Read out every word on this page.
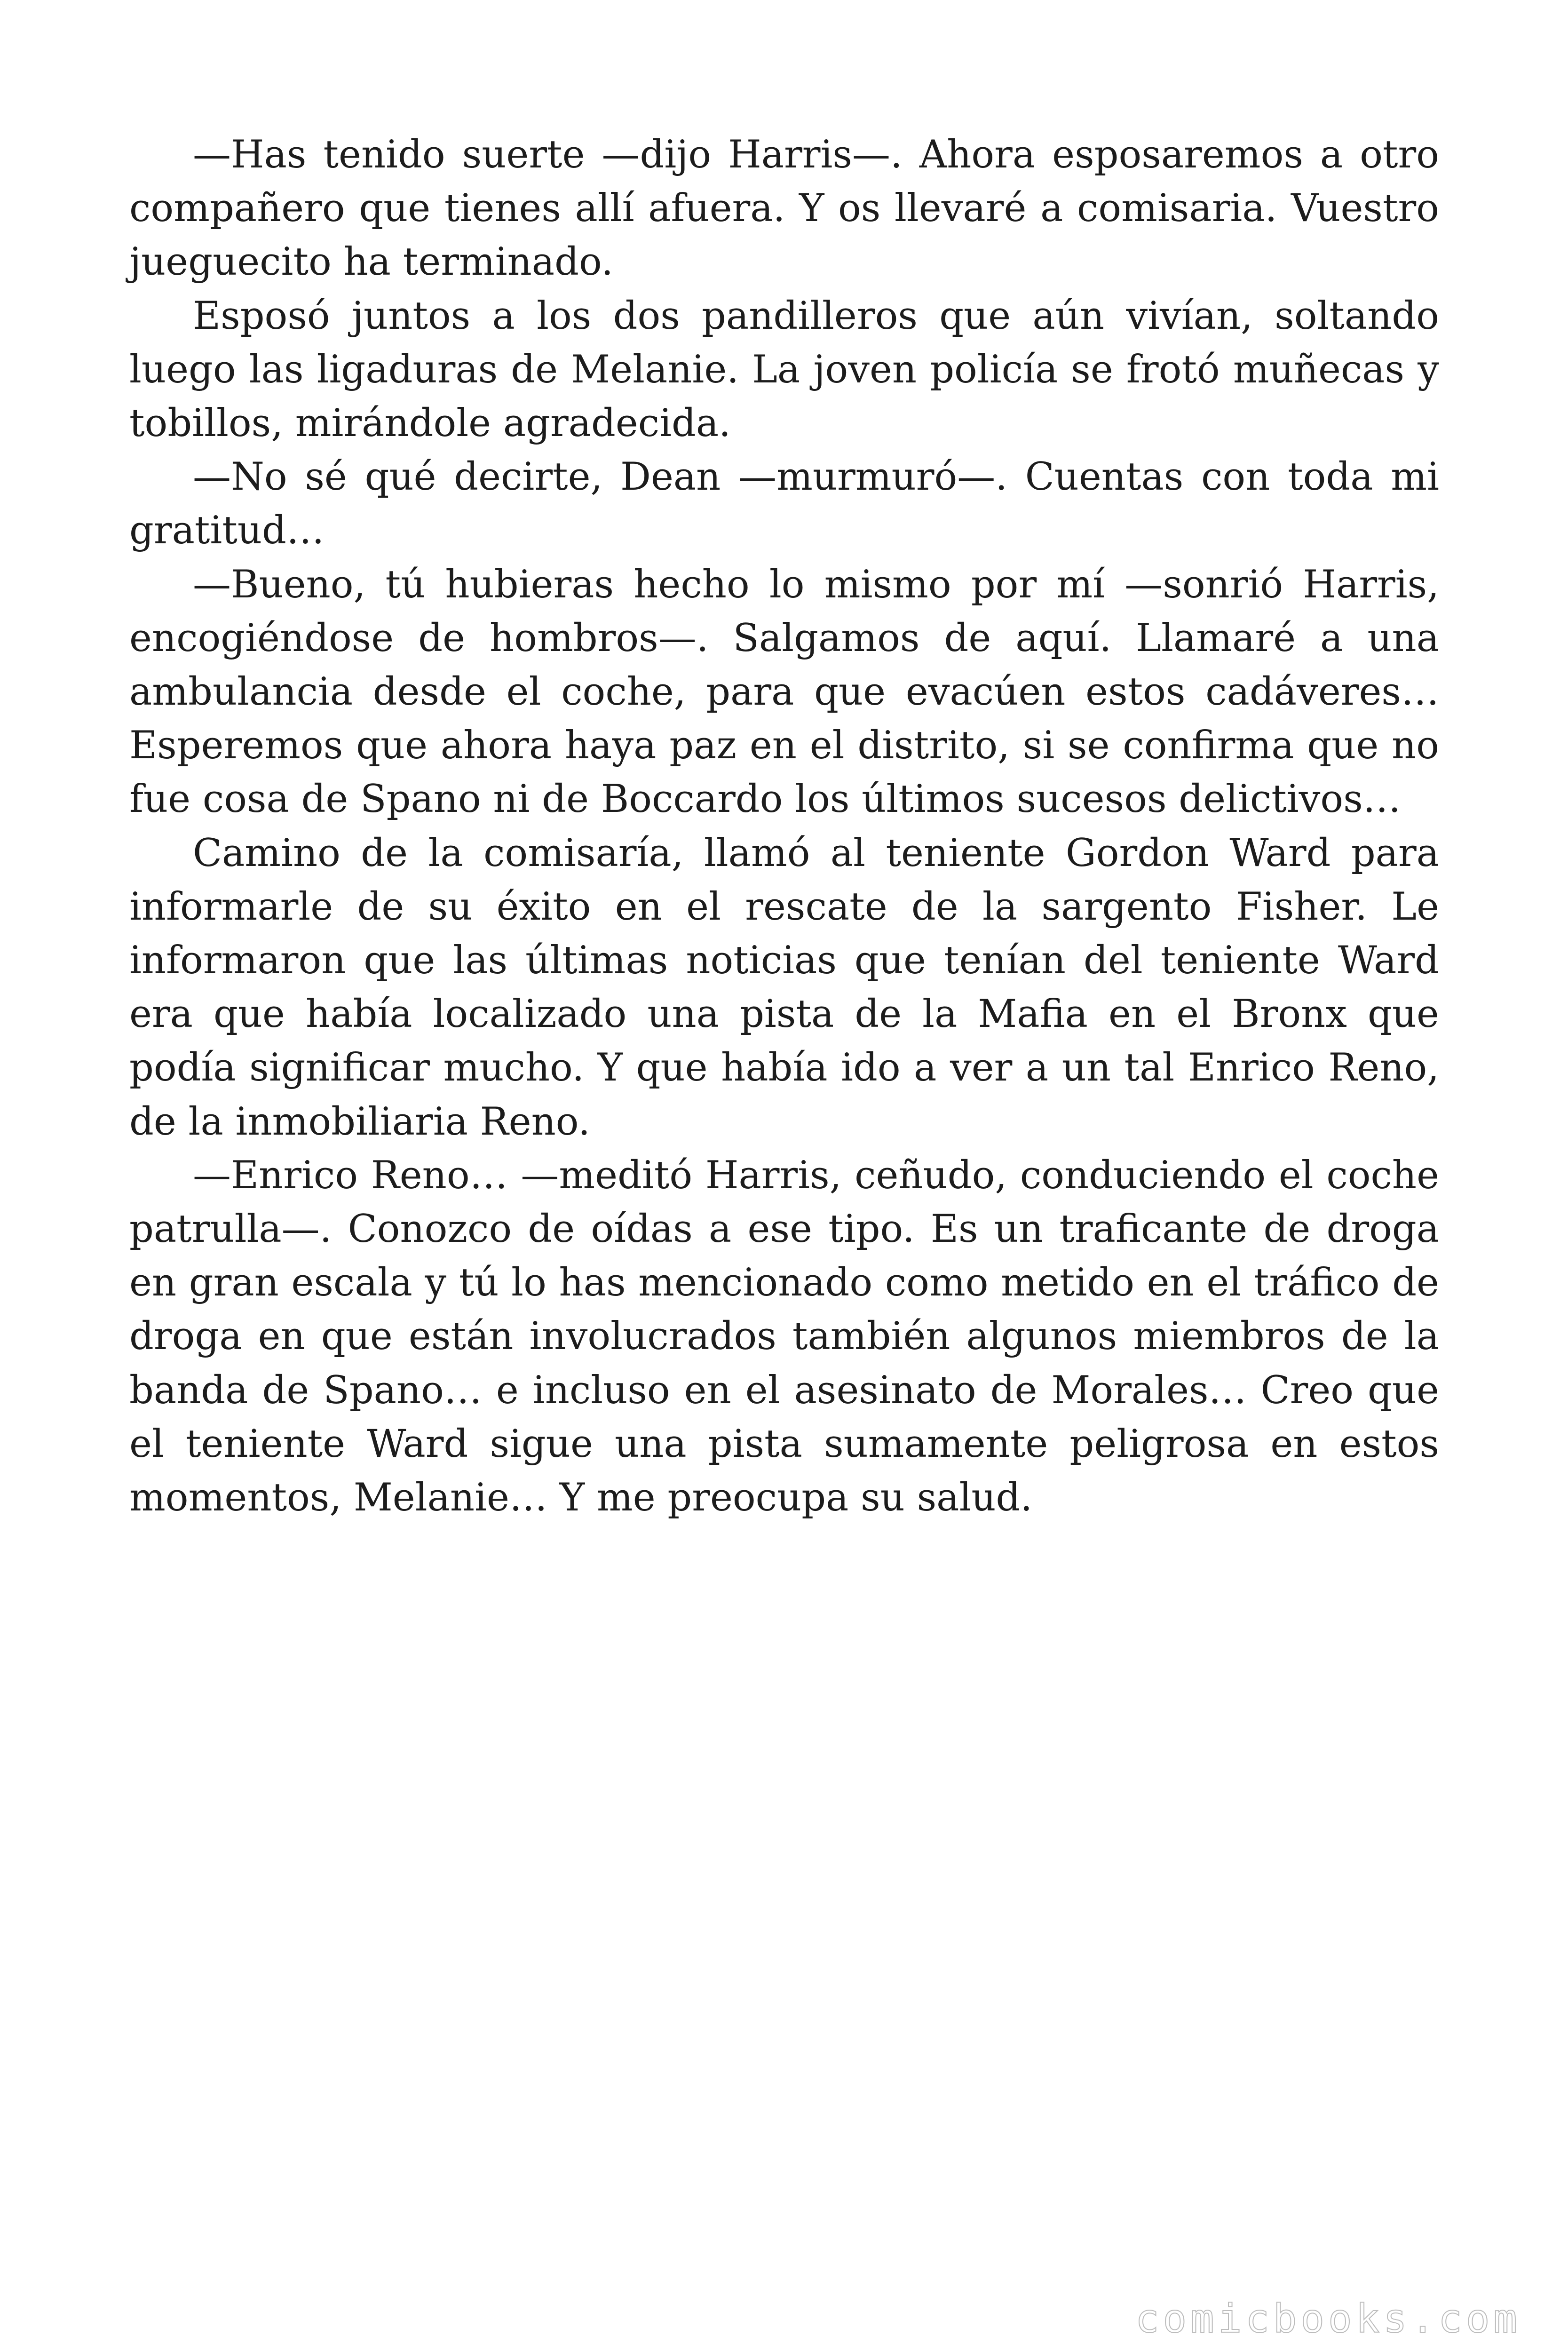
—Has tenido suerte —dijo Harris—. Ahora esposaremos a otro compañero que tienes allí afuera. Y os llevaré a comisaria. Vuestro jueguecito ha terminado.

Esposó juntos a los dos pandilleros que aún vivían, soltando luego las ligaduras de Melanie. La joven policía se frotó muñecas y tobillos, mirándole agradecida.

—No sé qué decirte, Dean —murmuró—. Cuentas con toda mi gratitud…

—Bueno, tú hubieras hecho lo mismo por mí —sonrió Harris, encogiéndose de hombros—. Salgamos de aquí. Llamaré a una ambulancia desde el coche, para que evacúen estos cadáveres… Esperemos que ahora haya paz en el distrito, si se confirma que no fue cosa de Spano ni de Boccardo los últimos sucesos delictivos…

Camino de la comisaría, llamó al teniente Gordon Ward para informarle de su éxito en el rescate de la sargento Fisher. Le informaron que las últimas noticias que tenían del teniente Ward era que había localizado una pista de la Mafia en el Bronx que podía significar mucho. Y que había ido a ver a un tal Enrico Reno, de la inmobiliaria Reno.

—Enrico Reno… —meditó Harris, ceñudo, conduciendo el coche patrulla—. Conozco de oídas a ese tipo. Es un traficante de droga en gran escala y tú lo has mencionado como metido en el tráfico de droga en que están involucrados también algunos miembros de la banda de Spano… e incluso en el asesinato de Morales… Creo que el teniente Ward sigue una pista sumamente peligrosa en estos momentos, Melanie… Y me preocupa su salud.

comicbooks.com
